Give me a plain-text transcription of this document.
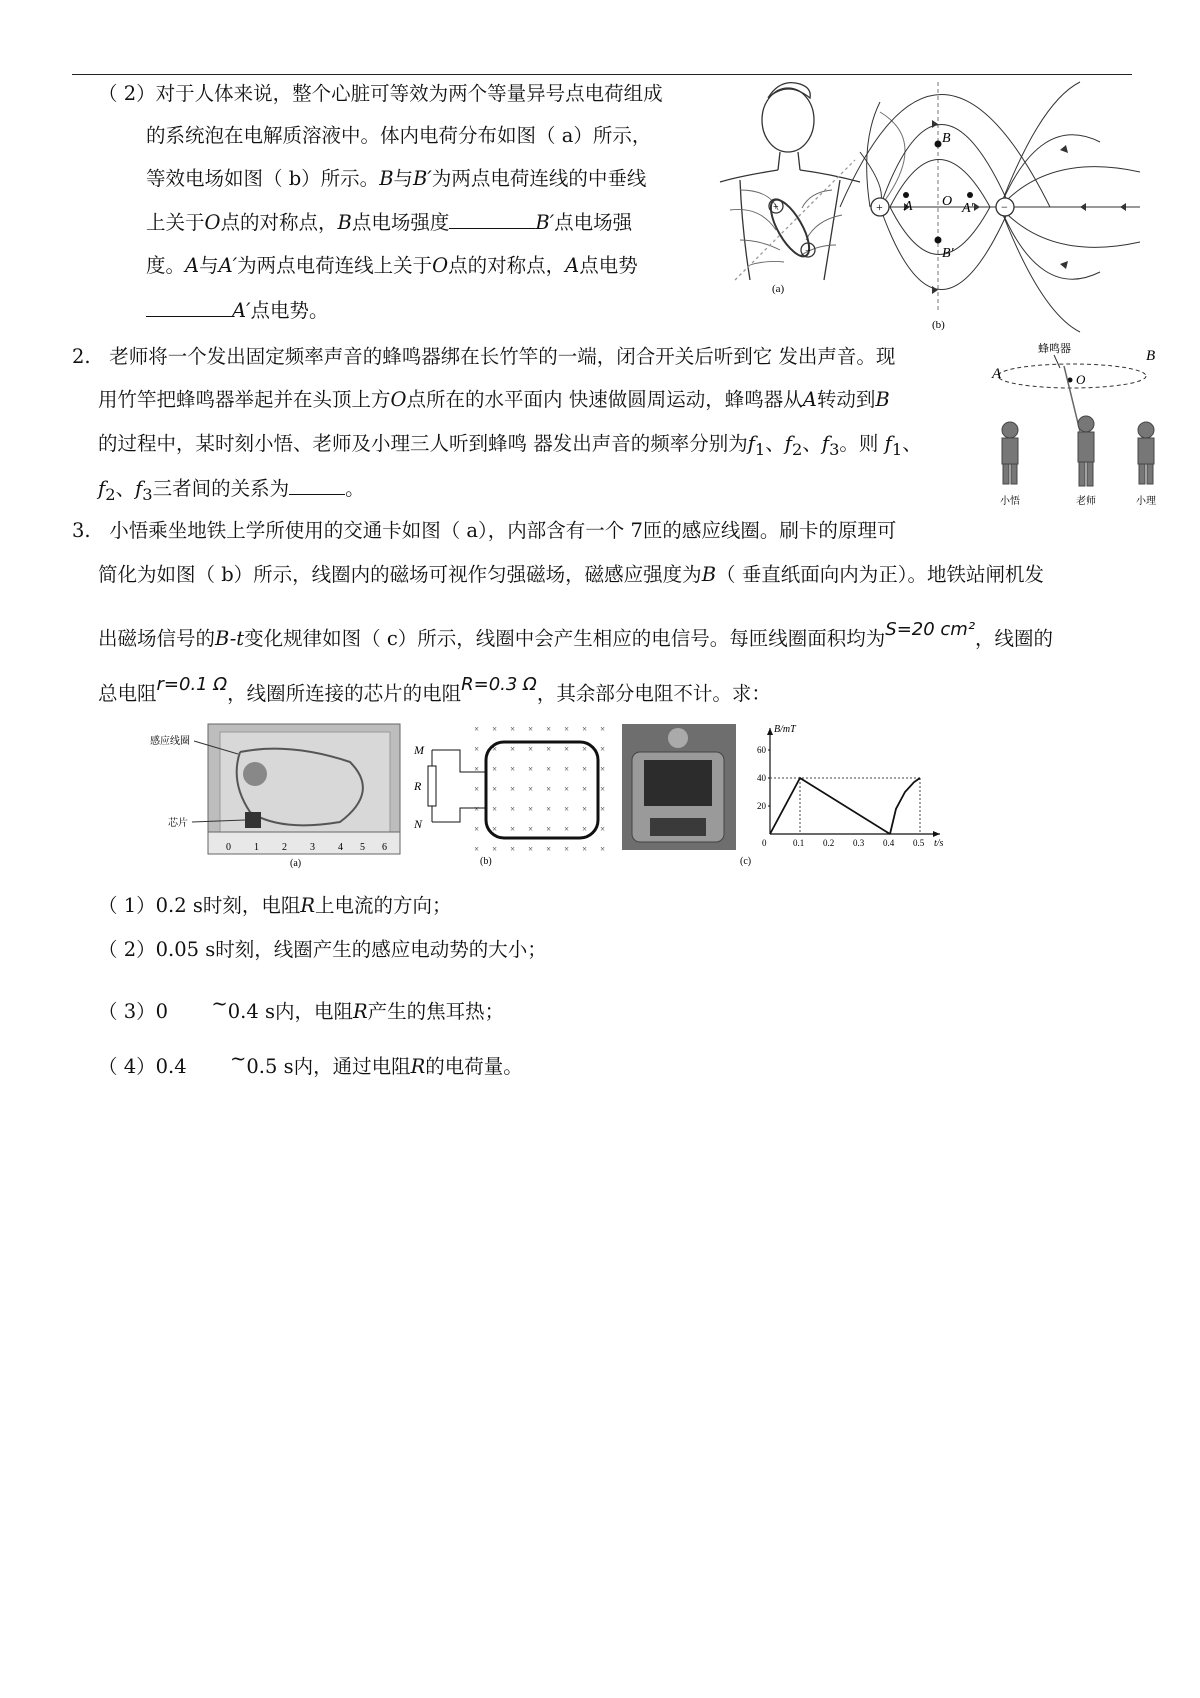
（ 2）对于人体来说，整个心脏可等效为两个等量异号点电荷组成
的系统泡在电解质溶液中。体内电荷分布如图（ a）所示，
等效电场如图（ b）所示。B与B′为两点电荷连线的中垂线
上关于O点的对称点，B点电场强度	B′点电场强
度。A与A′为两点电荷连线上关于O点的对称点，A点电势
A′点电势。
+
−
(a)
+	−
B
O
A	A′
B′
(b)
2. 老师将一个发出固定频率声音的蜂鸣器绑在长竹竿的一端，闭合开关后听到它 发出声音。现
用竹竿把蜂鸣器举起并在头顶上方O点所在的水平面内 快速做圆周运动，蜂鸣器从A转动到B
的过程中，某时刻小悟、老师及小理三人听到蜂鸣 器发出声音的频率分别为$f_1$、$f_2$、$f_3$。则 $f_1$、
$f_2$、$f_3$三者间的关系为	。
蜂鸣器
A
B
O
小悟	老师	小理
3. 小悟乘坐地铁上学所使用的交通卡如图（ a），内部含有一个 7匝的感应线圈。刷卡的原理可
简化为如图（ b）所示，线圈内的磁场可视作匀强磁场，磁感应强度为B（ 垂直纸面向内为正）。地铁站闸机发
出磁场信号的B-t变化规律如图（ c）所示，线圈中会产生相应的电信号。每匝线圈面积均为S=20 cm²，线圈的
总电阻r=0.1 Ω，线圈所连接的芯片的电阻R=0.3 Ω，其余部分电阻不计。求：
感应线圈
芯片
0 1 2 3 4 5 6
(a)
× × × × × × × ×
× × × × × × × ×
× × × × × × × ×
× × × × × × × ×
× × × × × × × ×
× × × × × × × ×
× × × × × × × ×
M
R
N
(b)	(c)
B/mT
t/s
0	0.1 0.2 0.3 0.4 0.5
20
40
60
（ 1）0.2 s时刻，电阻R上电流的方向；
（ 2）0.05 s时刻，线圈产生的感应电动势的大小；
（ 3）0 ~0.4 s内，电阻R产生的焦耳热；
（ 4）0.4 ~0.5 s内，通过电阻R的电荷量。
